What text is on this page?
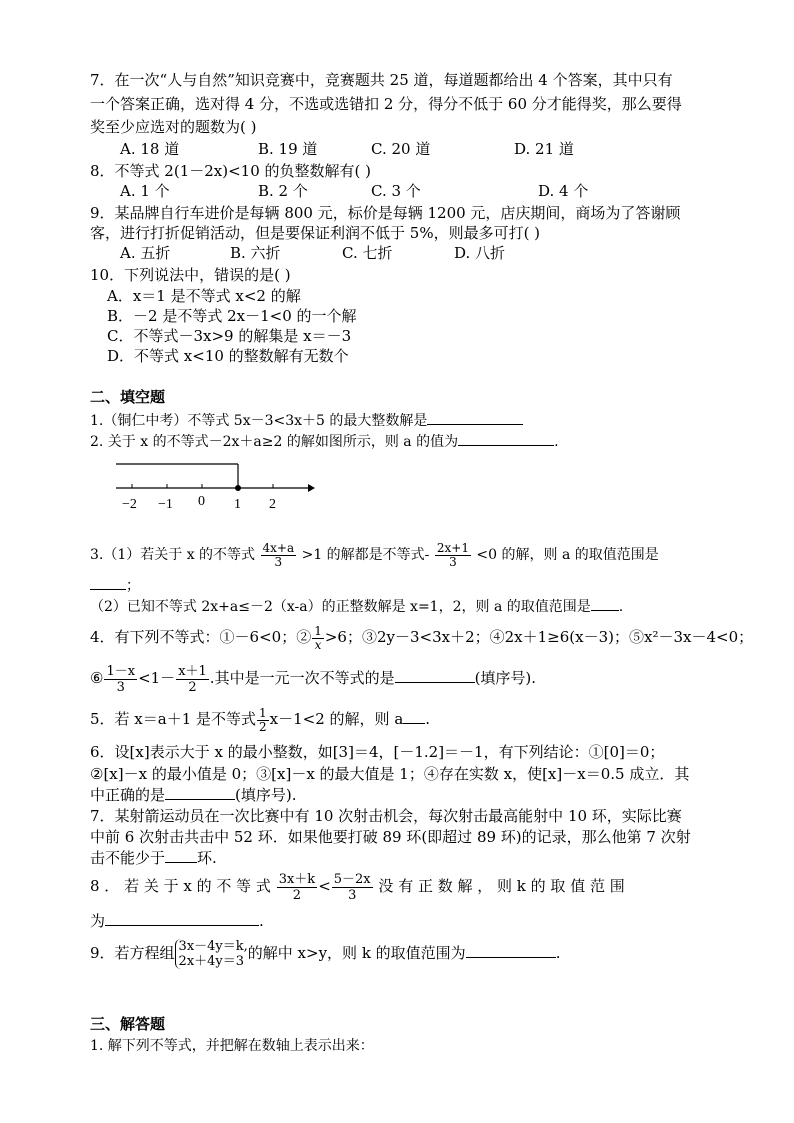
7．在一次“人与自然”知识竞赛中，竞赛题共 25 道，每道题都给出 4 个答案，其中只有
一个答案正确，选对得 4 分，不选或选错扣 2 分，得分不低于 60 分才能得奖，那么要得
奖至少应选对的题数为( )
A. 18 道	B. 19 道	C. 20 道	D. 21 道
8．不等式 2(1－2x)<10 的负整数解有( )
A. 1 个	B. 2 个	C. 3 个	D. 4 个
9．某品牌自行车进价是每辆 800 元，标价是每辆 1200 元，店庆期间，商场为了答谢顾
客，进行打折促销活动，但是要保证利润不低于 5%，则最多可打( )
A. 五折	B. 六折	C. 七折	D. 八折
10．下列说法中，错误的是( )
A．x＝1 是不等式 x<2 的解
B．－2 是不等式 2x－1<0 的一个解
C．不等式－3x>9 的解集是 x＝－3
D．不等式 x<10 的整数解有无数个
二、填空题
1.（铜仁中考）不等式 5x－3<3x＋5 的最大整数解是
2. 关于 x 的不等式－2x＋a≥2 的解如图所示，则 a 的值为	.
−2 −1 0 1 2
3.（1）若关于 x 的不等式 $\frac{4x+a}{3} >1$ 的解都是不等式- $\frac{2x+1}{3} <0$ 的解，则 a 的取值范围是
；
（2）已知不等式 2x+a≤－2（x-a）的正整数解是 x=1，2，则 a 的取值范围是 .
4．有下列不等式：①－6<0；② $\frac{1}{x} >6$；③2y－3<3x＋2；④2x＋1≥6(x－3)；⑤x²－3x－4<0；
⑥ $\frac{1-x}{3} <1- \frac{x+1}{2}$ .其中是一元一次不等式的是	(填序号).
5．若 x＝a＋1 是不等式 $\frac{1}{2} x-1<2$ 的解，则 a .
6．设[x]表示大于 x 的最小整数，如[3]＝4，[－1.2]＝－1，有下列结论：①[0]＝0；
②[x]－x 的最小值是 0；③[x]－x 的最大值是 1；④存在实数 x，使[x]－x＝0.5 成立．其
中正确的是	(填序号).
7．某射箭运动员在一次比赛中有 10 次射击机会，每次射击最高能射中 10 环，实际比赛
中前 6 次射击共击中 52 环．如果他要打破 89 环(即超过 89 环)的记录，那么他第 7 次射
击不能少于 环.
8 ． 若 关 于 x 的 不 等 式 $\frac{3x+k}{2} < \frac{5-2x}{3}$ 没 有 正 数 解 ， 则 k 的 取 值 范 围
为	.
9．若方程组 3x－4y＝k,
2x＋4y＝3 的解中 x>y，则 k 的取值范围为	.
三、解答题
1. 解下列不等式，并把解在数轴上表示出来：
